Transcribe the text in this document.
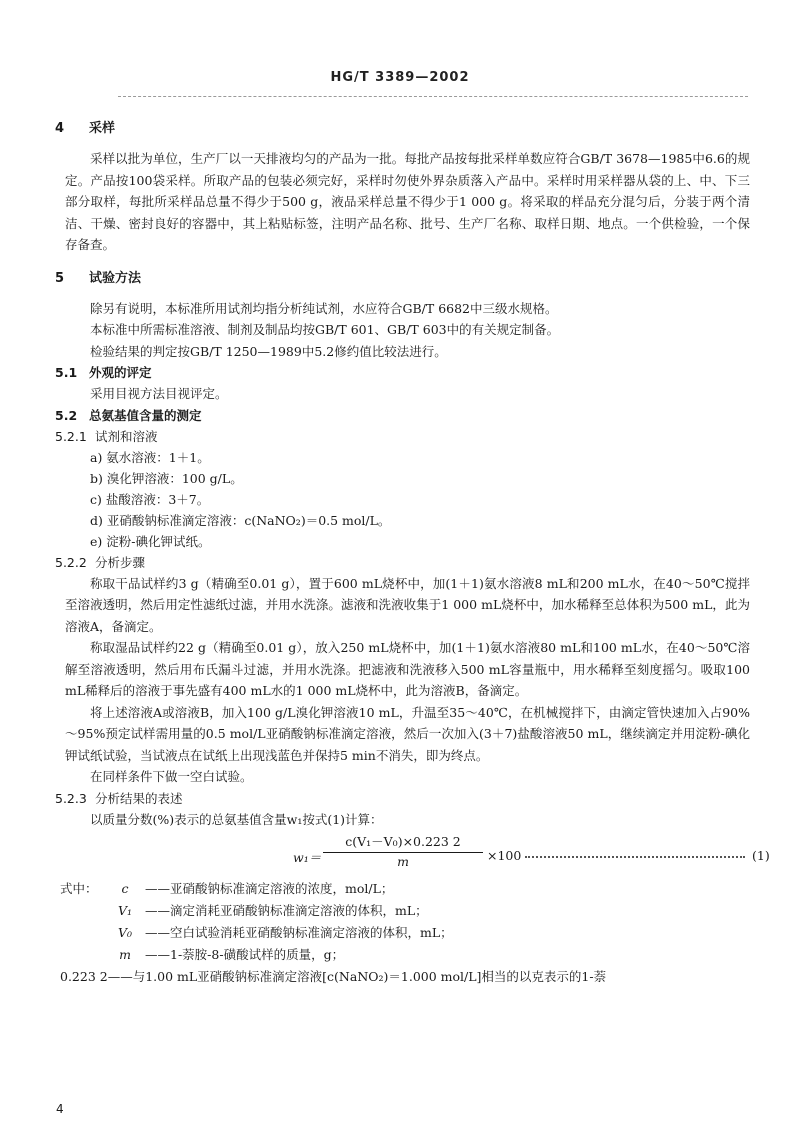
HG/T 3389—2002
4 采样

采样以批为单位，生产厂以一天排液均匀的产品为一批。每批产品按每批采样单数应符合GB/T 3678—1985中6.6的规定。产品按100袋采样。所取产品的包装必须完好，采样时勿使外界杂质落入产品中。采样时用采样器从袋的上、中、下三部分取样，每批所采样品总量不得少于500 g，液品采样总量不得少于1 000 g。将采取的样品充分混匀后，分装于两个清洁、干燥、密封良好的容器中，其上粘贴标签，注明产品名称、批号、生产厂名称、取样日期、地点。一个供检验，一个保存备查。

5 试验方法

除另有说明，本标准所用试剂均指分析纯试剂，水应符合GB/T 6682中三级水规格。

本标准中所需标准溶液、制剂及制品均按GB/T 601、GB/T 603中的有关规定制备。

检验结果的判定按GB/T 1250—1989中5.2修约值比较法进行。

5.1 外观的评定

采用目视方法目视评定。

5.2 总氨基值含量的测定
5.2.1 试剂和溶液

a) 氨水溶液：1＋1。

b) 溴化钾溶液：100 g/L。

c) 盐酸溶液：3＋7。

d) 亚硝酸钠标准滴定溶液：c(NaNO₂)＝0.5 mol/L。

e) 淀粉-碘化钾试纸。

5.2.2 分析步骤

称取干品试样约3 g（精确至0.01 g），置于600 mL烧杯中，加(1＋1)氨水溶液8 mL和200 mL水，在40～50℃搅拌至溶液透明，然后用定性滤纸过滤，并用水洗涤。滤液和洗液收集于1 000 mL烧杯中，加水稀释至总体积为500 mL，此为溶液A，备滴定。

称取湿品试样约22 g（精确至0.01 g），放入250 mL烧杯中，加(1＋1)氨水溶液80 mL和100 mL水，在40～50℃溶解至溶液透明，然后用布氏漏斗过滤，并用水洗涤。把滤液和洗液移入500 mL容量瓶中，用水稀释至刻度摇匀。吸取100 mL稀释后的溶液于事先盛有400 mL水的1 000 mL烧杯中，此为溶液B，备滴定。

将上述溶液A或溶液B，加入100 g/L溴化钾溶液10 mL，升温至35～40℃，在机械搅拌下，由滴定管快速加入占90%～95%预定试样需用量的0.5 mol/L亚硝酸钠标准滴定溶液，然后一次加入(3＋7)盐酸溶液50 mL，继续滴定并用淀粉-碘化钾试纸试验，当试液点在试纸上出现浅蓝色并保持5 min不消失，即为终点。

在同样条件下做一空白试验。

5.2.3 分析结果的表述

以质量分数(%)表示的总氨基值含量w₁按式(1)计算：

$w_1= \frac{\text{c(V₁－V₀)×0.223 2}}{m} \times 100$	(1)
式中：	c	——亚硝酸钠标准滴定溶液的浓度，mol/L；
V₁	——滴定消耗亚硝酸钠标准滴定溶液的体积，mL；
V₀	——空白试验消耗亚硝酸钠标准滴定溶液的体积，mL；
m	——1-萘胺-8-磺酸试样的质量，g；

0.223 2——与1.00 mL亚硝酸钠标准滴定溶液[c(NaNO₂)＝1.000 mol/L]相当的以克表示的1-萘

4
